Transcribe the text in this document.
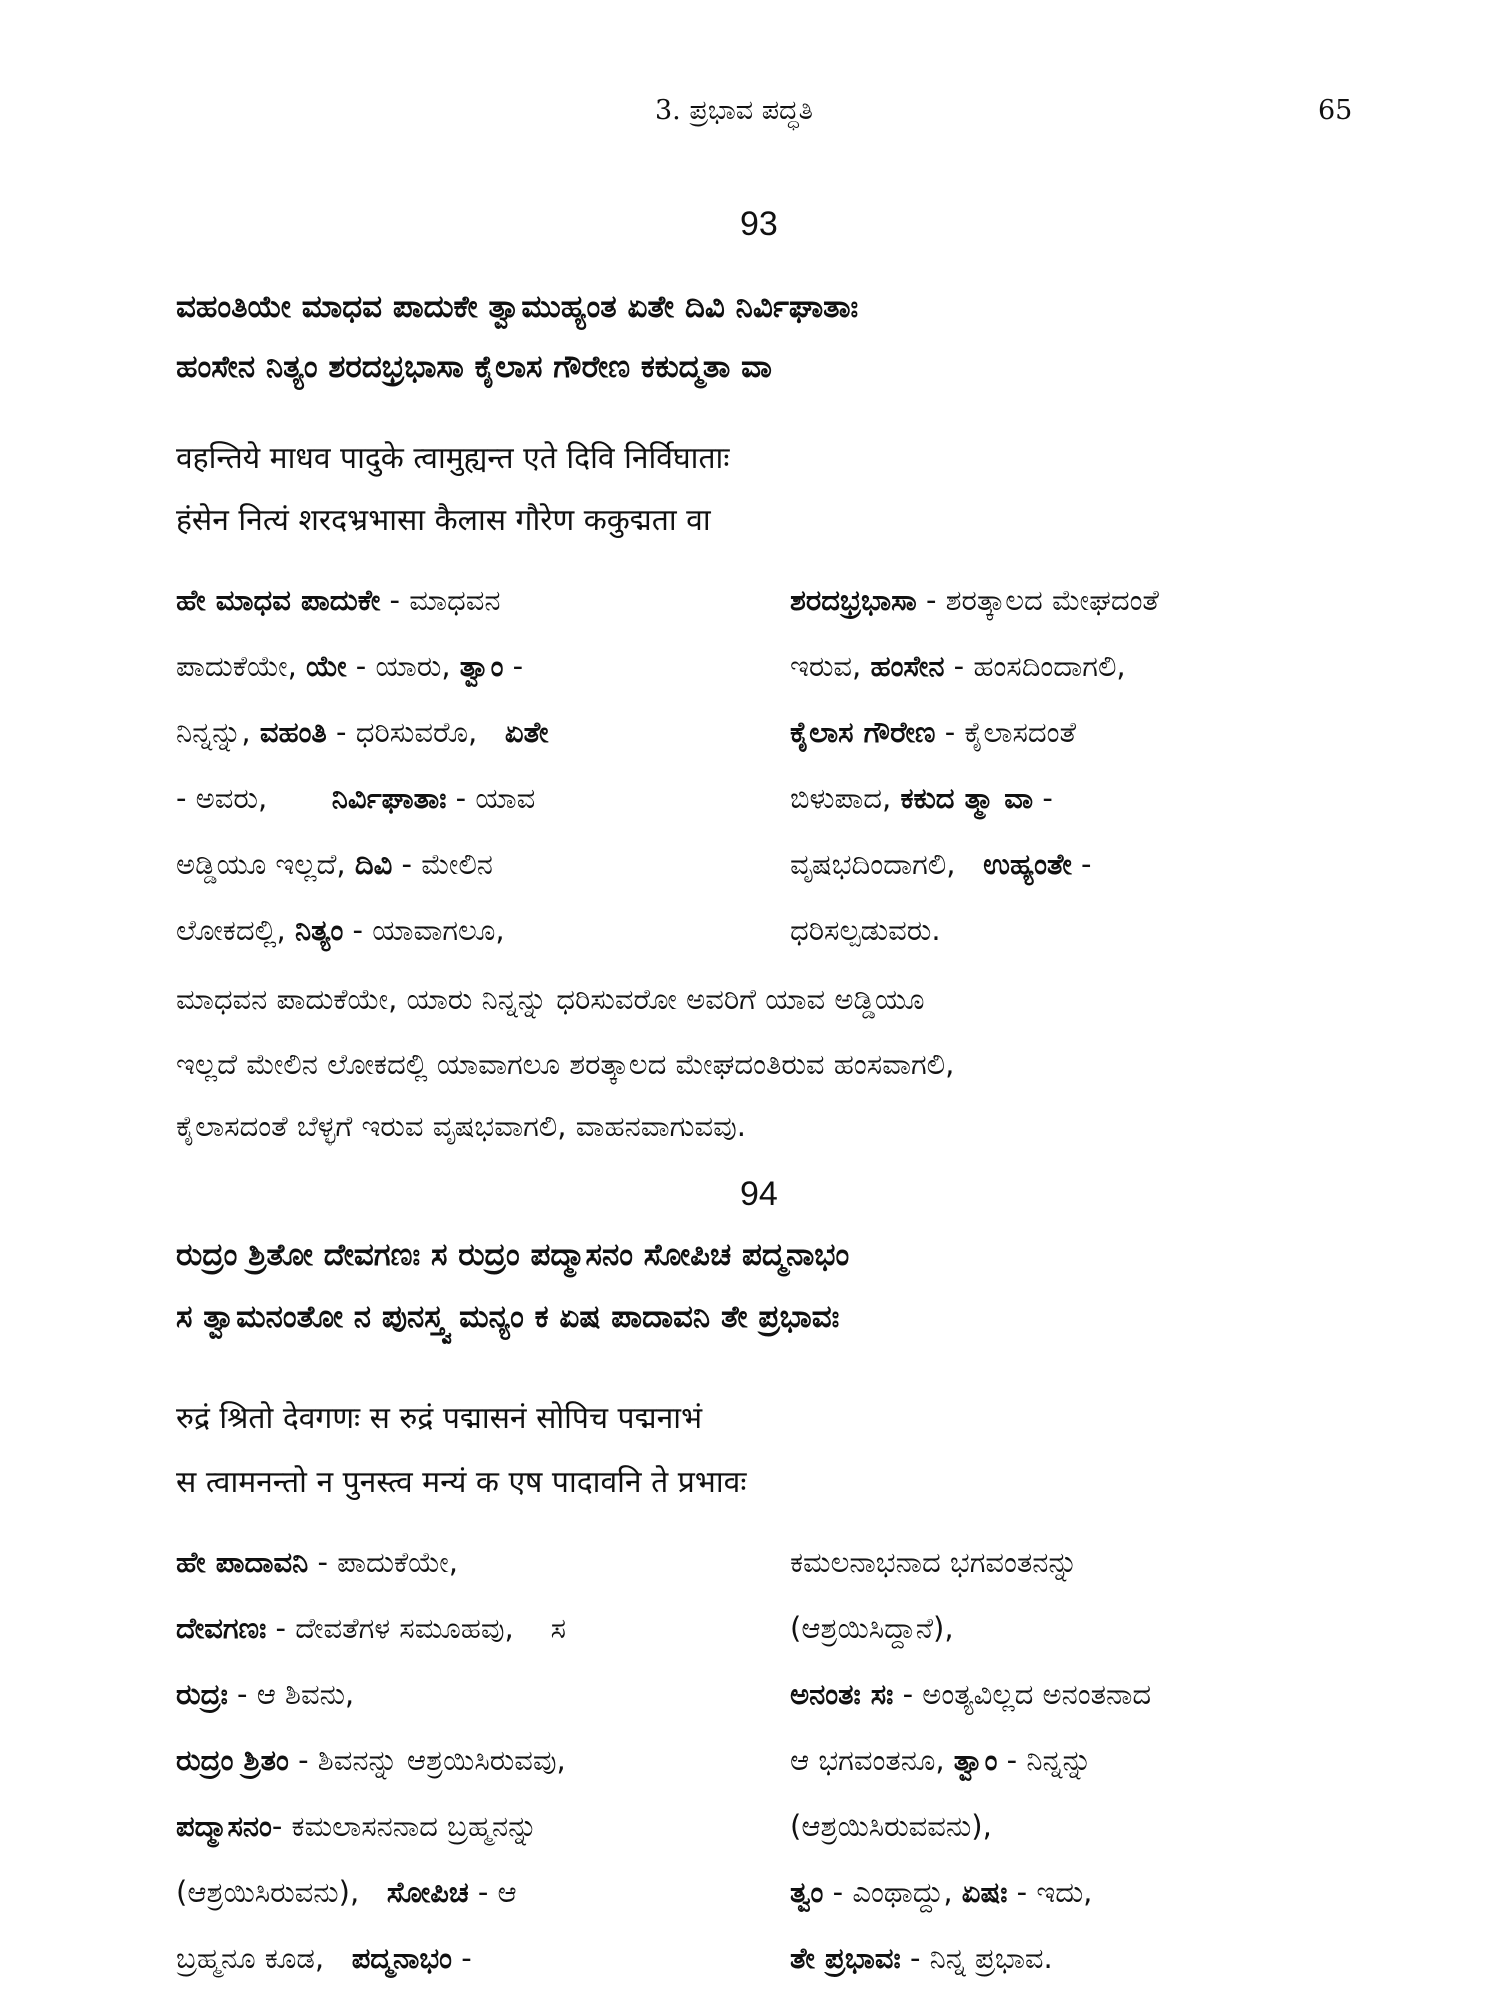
3. ಪ್ರಭಾವ ಪದ್ಧತಿ	65
93
ವಹಂತಿಯೇ ಮಾಧವ ಪಾದುಕೇ ತ್ವಾಮುಹ್ಯಂತ ಏತೇ ದಿವಿ ನಿರ್ವಿಘಾತಾಃ
ಹಂಸೇನ ನಿತ್ಯಂ ಶರದಭ್ರಭಾಸಾ ಕೈಲಾಸ ಗೌರೇಣ ಕಕುದ್ಮತಾ ವಾ
वहन्तिये माधव पादुके त्वामुह्यन्त एते दिवि निर्विघाताः
हंसेन नित्यं शरदभ्रभासा कैलास गौरेण ककुद्मता वा
ಹೇ ಮಾಧವ ಪಾದುಕೇ - ಮಾಧವನ
ಪಾದುಕೆಯೇ, ಯೇ - ಯಾರು, ತ್ವಾಂ -
ನಿನ್ನನ್ನು, ವಹಂತಿ - ಧರಿಸುವರೊ,   ಏತೇ
- ಅವರು,       ನಿರ್ವಿಘಾತಾಃ - ಯಾವ
ಅಡ್ಡಿಯೂ ಇಲ್ಲದೆ, ದಿವಿ - ಮೇಲಿನ
ಲೋಕದಲ್ಲಿ, ನಿತ್ಯಂ - ಯಾವಾಗಲೂ,
ಶರದಭ್ರಭಾಸಾ - ಶರತ್ಕಾಲದ ಮೇಘದಂತೆ
ಇರುವ, ಹಂಸೇನ - ಹಂಸದಿಂದಾಗಲಿ,
ಕೈಲಾಸ ಗೌರೇಣ - ಕೈಲಾಸದಂತೆ
ಬಿಳುಪಾದ, ಕಕುದ ತ್ಮಾ ವಾ -
ವೃಷಭದಿಂದಾಗಲಿ,   ಉಹ್ಯಂತೇ -
ಧರಿಸಲ್ಪಡುವರು.
ಮಾಧವನ ಪಾದುಕೆಯೇ, ಯಾರು ನಿನ್ನನ್ನು ಧರಿಸುವರೋ ಅವರಿಗೆ ಯಾವ ಅಡ್ಡಿಯೂ
ಇಲ್ಲದೆ ಮೇಲಿನ ಲೋಕದಲ್ಲಿ ಯಾವಾಗಲೂ ಶರತ್ಕಾಲದ ಮೇಘದಂತಿರುವ ಹಂಸವಾಗಲಿ,
ಕೈಲಾಸದಂತೆ ಬೆಳ್ಳಗೆ ಇರುವ ವೃಷಭವಾಗಲಿ, ವಾಹನವಾಗುವವು.
94
ರುದ್ರಂ ಶ್ರಿತೋ ದೇವಗಣಃ ಸ ರುದ್ರಂ ಪದ್ಮಾಸನಂ ಸೋಪಿಚ ಪದ್ಮನಾಭಂ
ಸ ತ್ವಾಮನಂತೋ ನ ಪುನಸ್ತ್ವ ಮನ್ಯಂ ಕ ಏಷ ಪಾದಾವನಿ ತೇ ಪ್ರಭಾವಃ
रुद्रं श्रितो देवगणः स रुद्रं पद्मासनं सोपिच पद्मनाभं
स त्वामनन्तो न पुनस्त्व मन्यं क एष पादावनि ते प्रभावः
ಹೇ ಪಾದಾವನಿ - ಪಾದುಕೆಯೇ,
ದೇವಗಣಃ - ದೇವತೆಗಳ ಸಮೂಹವು,    ಸ
ರುದ್ರಃ - ಆ ಶಿವನು,
ರುದ್ರಂ ಶ್ರಿತಂ - ಶಿವನನ್ನು ಆಶ್ರಯಿಸಿರುವವು,
ಪದ್ಮಾಸನಂ- ಕಮಲಾಸನನಾದ ಬ್ರಹ್ಮನನ್ನು
(ಆಶ್ರಯಿಸಿರುವನು),   ಸೋಪಿಚ - ಆ
ಬ್ರಹ್ಮನೂ ಕೂಡ,   ಪದ್ಮನಾಭಂ -
ಕಮಲನಾಭನಾದ ಭಗವಂತನನ್ನು
(ಆಶ್ರಯಿಸಿದ್ದಾನೆ),
ಅನಂತಃ ಸಃ - ಅಂತ್ಯವಿಲ್ಲದ ಅನಂತನಾದ
ಆ ಭಗವಂತನೂ, ತ್ವಾಂ - ನಿನ್ನನ್ನು
(ಆಶ್ರಯಿಸಿರುವವನು),
ತ್ವಂ - ಎಂಥಾದ್ದು, ಏಷಃ - ಇದು,
ತೇ ಪ್ರಭಾವಃ - ನಿನ್ನ ಪ್ರಭಾವ.
